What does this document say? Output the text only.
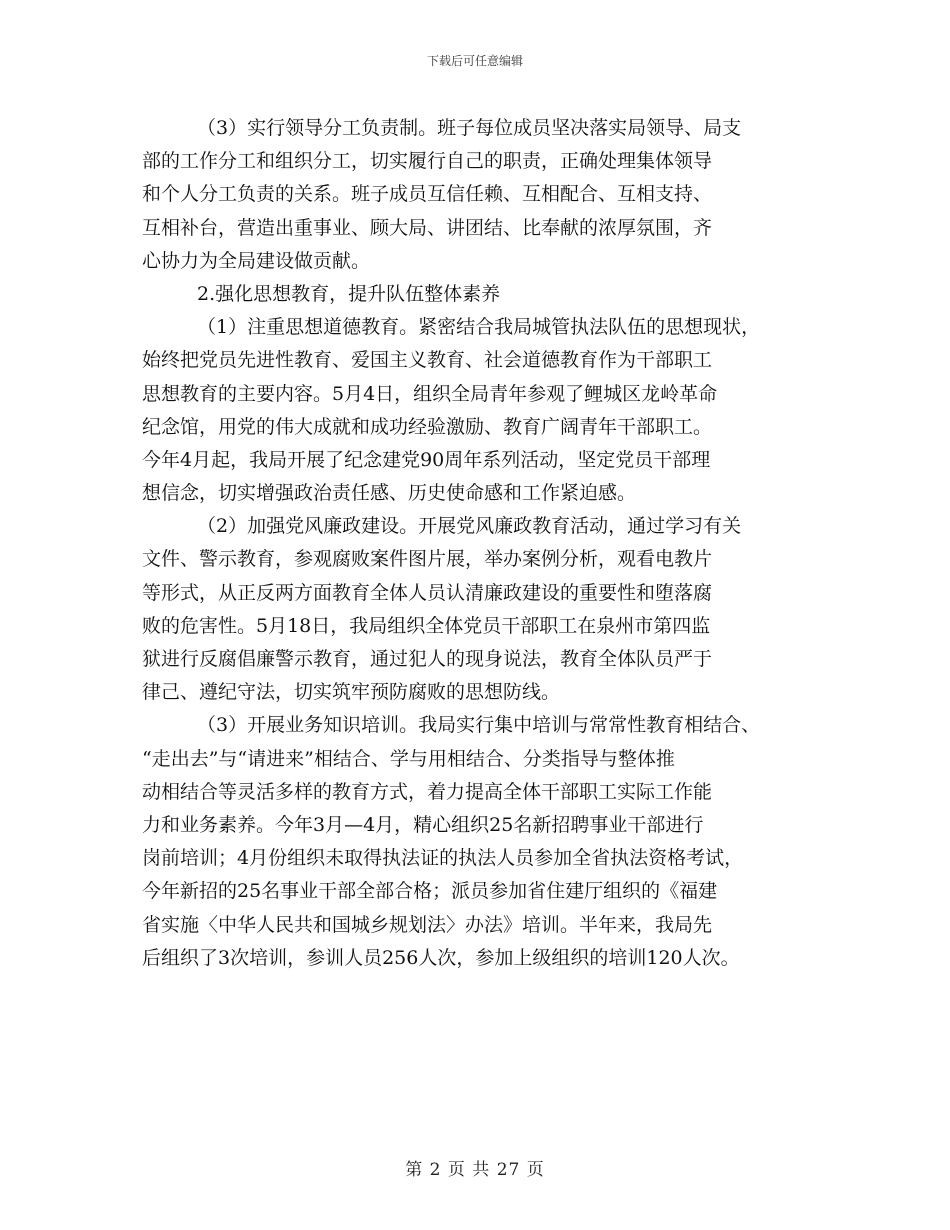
下载后可任意编辑
（3）实行领导分工负责制。班子每位成员坚决落实局领导、局支
部的工作分工和组织分工，切实履行自己的职责，正确处理集体领导
和个人分工负责的关系。班子成员互信任赖、互相配合、互相支持、
互相补台，营造出重事业、顾大局、讲团结、比奉献的浓厚氛围，齐
心协力为全局建设做贡献。
2.强化思想教育，提升队伍整体素养
（1）注重思想道德教育。紧密结合我局城管执法队伍的思想现状，
始终把党员先进性教育、爱国主义教育、社会道德教育作为干部职工
思想教育的主要内容。5月4日，组织全局青年参观了鲤城区龙岭革命
纪念馆，用党的伟大成就和成功经验激励、教育广阔青年干部职工。
今年4月起，我局开展了纪念建党90周年系列活动，坚定党员干部理
想信念，切实增强政治责任感、历史使命感和工作紧迫感。
（2）加强党风廉政建设。开展党风廉政教育活动，通过学习有关
文件、警示教育，参观腐败案件图片展，举办案例分析，观看电教片
等形式，从正反两方面教育全体人员认清廉政建设的重要性和堕落腐
败的危害性。5月18日，我局组织全体党员干部职工在泉州市第四监
狱进行反腐倡廉警示教育，通过犯人的现身说法，教育全体队员严于
律己、遵纪守法，切实筑牢预防腐败的思想防线。
（3）开展业务知识培训。我局实行集中培训与常常性教育相结合、
“走出去”与“请进来”相结合、学与用相结合、分类指导与整体推
动相结合等灵活多样的教育方式，着力提高全体干部职工实际工作能
力和业务素养。今年3月—4月，精心组织25名新招聘事业干部进行
岗前培训；4月份组织未取得执法证的执法人员参加全省执法资格考试，
今年新招的25名事业干部全部合格；派员参加省住建厅组织的《福建
省实施〈中华人民共和国城乡规划法〉办法》培训。半年来，我局先
后组织了3次培训，参训人员256人次，参加上级组织的培训120人次。
第 2 页 共 27 页
